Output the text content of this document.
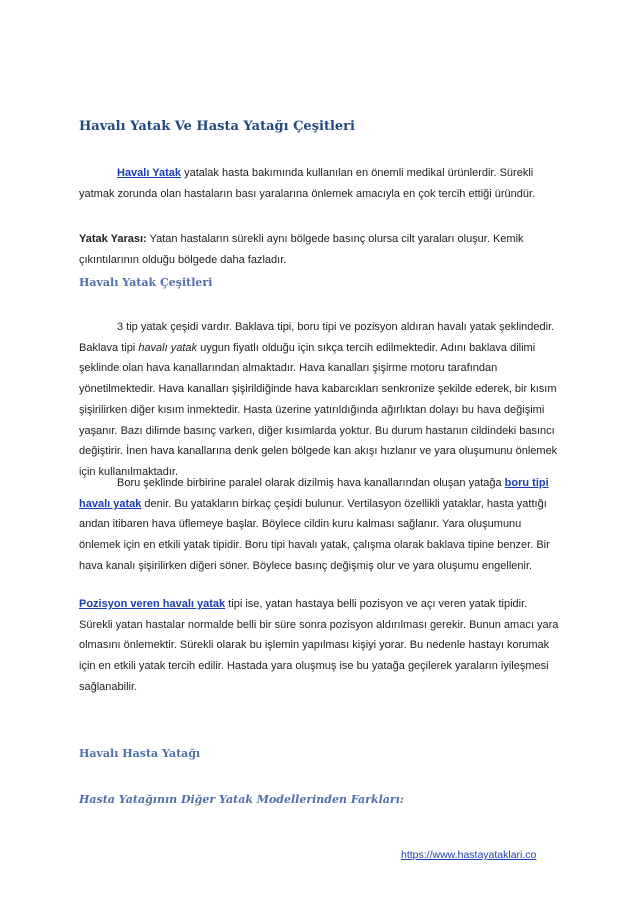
Havalı Yatak Ve Hasta Yatağı Çeşitleri
Havalı Yatak yatalak hasta bakımında kullanılan en önemli medikal ürünlerdir. Sürekli yatmak zorunda olan hastaların bası yaralarına önlemek amacıyla en çok tercih ettiği üründür.
Yatak Yarası: Yatan hastaların sürekli aynı bölgede basınç olursa cilt yaraları oluşur. Kemik çıkıntılarının olduğu bölgede daha fazladır.
Havalı Yatak Çeşitleri
3 tip yatak çeşidi vardır. Baklava tipi, boru tipi ve pozisyon aldıran havalı yatak şeklindedir. Baklava tipi havalı yatak uygun fiyatlı olduğu için sıkça tercih edilmektedir. Adını baklava dilimi şeklinde olan hava kanallarından almaktadır. Hava kanalları şişirme motoru tarafından yönetilmektedir. Hava kanalları şişirildiğinde hava kabarcıkları senkronize şekilde ederek, bir kısım şişirilirken diğer kısım inmektedir. Hasta üzerine yatırıldığında ağırlıktan dolayı bu hava değişimi yaşanır. Bazı dilimde basınç varken, diğer kısımlarda yoktur. Bu durum hastanın cildindeki basıncı değiştirir. İnen hava kanallarına denk gelen bölgede kan akışı hızlanır ve yara oluşumunu önlemek için kullanılmaktadır.
Boru şeklinde birbirine paralel olarak dizilmiş hava kanallarından oluşan yatağa boru tipi havalı yatak denir. Bu yatakların birkaç çeşidi bulunur. Vertilasyon özellikli yataklar, hasta yattığı andan itibaren hava üflemeye başlar. Böylece cildin kuru kalması sağlanır. Yara oluşumunu önlemek için en etkili yatak tipidir. Boru tipi havalı yatak, çalışma olarak baklava tipine benzer. Bir hava kanalı şişirilirken diğeri söner. Böylece basınç değişmiş olur ve yara oluşumu engellenir.
Pozisyon veren havalı yatak tipi ise, yatan hastaya belli pozisyon ve açı veren yatak tipidir. Sürekli yatan hastalar normalde belli bir süre sonra pozisyon aldırılması gerekir. Bunun amacı yara olmasını önlemektir. Sürekli olarak bu işlemin yapılması kişiyi yorar. Bu nedenle hastayı korumak için en etkili yatak tercih edilir. Hastada yara oluşmuş ise bu yatağa geçilerek yaraların iyileşmesi sağlanabilir.
Havalı Hasta Yatağı
Hasta Yatağının Diğer Yatak Modellerinden Farkları:
https://www.hastayataklari.co
